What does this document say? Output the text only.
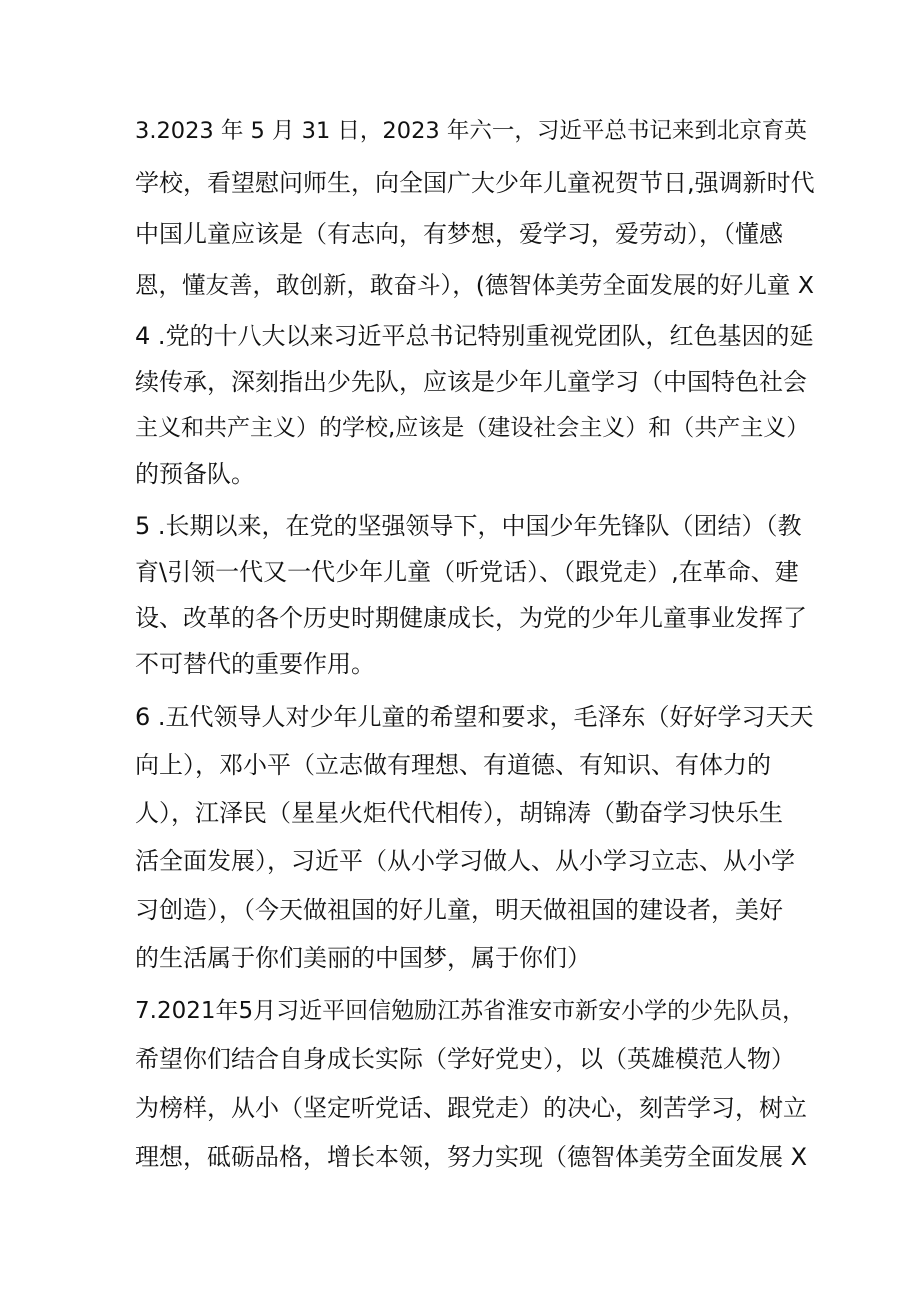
3.2023 年 5 月 31 日，2023 年六一，习近平总书记来到北京育英
学校，看望慰问师生，向全国广大少年儿童祝贺节日,强调新时代
中国儿童应该是（有志向，有梦想，爱学习，爱劳动），（懂感
恩，懂友善，敢创新，敢奋斗），(德智体美劳全面发展的好儿童 X
4 .党的十八大以来习近平总书记特别重视党团队，红色基因的延
续传承，深刻指出少先队，应该是少年儿童学习（中国特色社会
主义和共产主义）的学校,应该是（建设社会主义）和（共产主义）
的预备队。
5 .长期以来，在党的坚强领导下，中国少年先锋队（团结）（教
育\引领一代又一代少年儿童（听党话）、（跟党走）,在革命、建
设、改革的各个历史时期健康成长，为党的少年儿童事业发挥了
不可替代的重要作用。
6 .五代领导人对少年儿童的希望和要求，毛泽东（好好学习天天
向上），邓小平（立志做有理想、有道德、有知识、有体力的
人），江泽民（星星火炬代代相传），胡锦涛（勤奋学习快乐生
活全面发展），习近平（从小学习做人、从小学习立志、从小学
习创造），（今天做祖国的好儿童，明天做祖国的建设者，美好
的生活属于你们美丽的中国梦，属于你们）
7.2021年5月习近平回信勉励江苏省淮安市新安小学的少先队员，
希望你们结合自身成长实际（学好党史），以（英雄模范人物）
为榜样，从小（坚定听党话、跟党走）的决心，刻苦学习，树立
理想，砥砺品格，增长本领，努力实现（德智体美劳全面发展 X
